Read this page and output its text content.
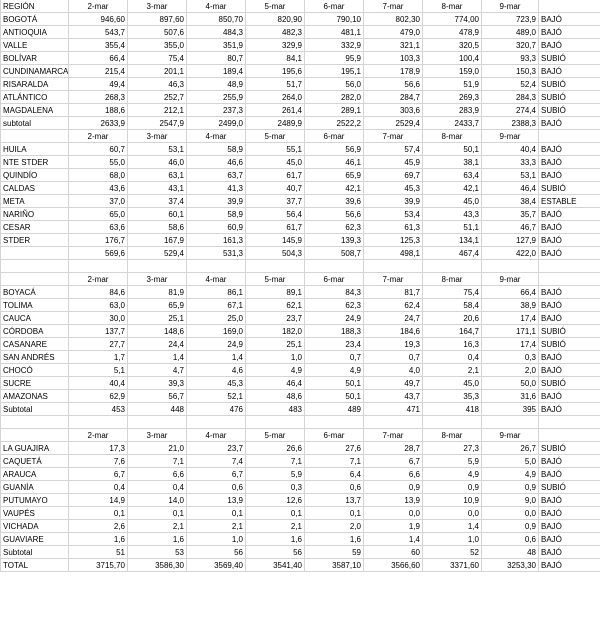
REGIÓN	2-mar	3-mar	4-mar	5-mar	6-mar	7-mar	8-mar	9-mar
BOGOTÁ	946,60	897,60	850,70	820,90	790,10	802,30	774,00	723,9 BAJÓ
ANTIOQUIA	543,7	507,6	484,3	482,3	481,1	479,0	478,9	489,0 BAJÓ
VALLE	355,4	355,0	351,9	329,9	332,9	321,1	320,5	320,7 BAJÓ
BOLÍVAR	66,4	75,4	80,7	84,1	95,9	103,3	100,4	93,3 SUBIÓ
CUNDINAMARCA	215,4	201,1	189,4	195,6	195,1	178,9	159,0	150,3 BAJÓ
RISARALDA	49,4	46,3	48,9	51,7	56,0	56,6	51,9	52,4 SUBIÓ
ATLÁNTICO	268,3	252,7	255,9	264,0	282,0	284,7	269,3	284,3 SUBIÓ
MAGDALENA	188,6	212,1	237,3	261,4	289,1	303,6	283,9	274,4 SUBIÓ
subtotal	2633,9	2547,9	2499,0	2489,9	2522,2	2529,4	2433,7	2388,3 BAJÓ
2-mar	3-mar	4-mar	5-mar	6-mar	7-mar	8-mar	9-mar
HUILA	60,7	53,1	58,9	55,1	56,9	57,4	50,1	40,4 BAJÓ
NTE STDER	55,0	46,0	46,6	45,0	46,1	45,9	38,1	33,3 BAJÓ
QUINDÍO	68,0	63,1	63,7	61,7	65,9	69,7	63,4	53,1 BAJÓ
CALDAS	43,6	43,1	41,3	40,7	42,1	45,3	42,1	46,4 SUBIÓ
META	37,0	37,4	39,9	37,7	39,6	39,9	45,0	38,4 ESTABLE
NARIÑO	65,0	60,1	58,9	56,4	56,6	53,4	43,3	35,7 BAJÓ
CESAR	63,6	58,6	60,9	61,7	62,3	61,3	51,1	46,7 BAJÓ
STDER	176,7	167,9	161,3	145,9	139,3	125,3	134,1	127,9 BAJÓ
569,6	529,4	531,3	504,3	508,7	498,1	467,4	422,0 BAJÓ
2-mar	3-mar	4-mar	5-mar	6-mar	7-mar	8-mar	9-mar
BOYACÁ	84,6	81,9	86,1	89,1	84,3	81,7	75,4	66,4 BAJÓ
TOLIMA	63,0	65,9	67,1	62,1	62,3	62,4	58,4	38,9 BAJÓ
CAUCA	30,0	25,1	25,0	23,7	24,9	24,7	20,6	17,4 BAJÓ
CÓRDOBA	137,7	148,6	169,0	182,0	188,3	184,6	164,7	171,1 SUBIÓ
CASANARE	27,7	24,4	24,9	25,1	23,4	19,3	16,3	17,4 SUBIÓ
SAN ANDRÉS	1,7	1,4	1,4	1,0	0,7	0,7	0,4	0,3 BAJÓ
CHOCÓ	5,1	4,7	4,6	4,9	4,9	4,0	2,1	2,0 BAJÓ
SUCRE	40,4	39,3	45,3	46,4	50,1	49,7	45,0	50,0 SUBIÓ
AMAZONAS	62,9	56,7	52,1	48,6	50,1	43,7	35,3	31,6 BAJÓ
Subtotal	453	448	476	483	489	471	418	395 BAJÓ
2-mar	3-mar	4-mar	5-mar	6-mar	7-mar	8-mar	9-mar
LA GUAJIRA	17,3	21,0	23,7	26,6	27,6	28,7	27,3	26,7 SUBIÓ
CAQUETÁ	7,6	7,1	7,4	7,1	7,1	6,7	5,9	5,0 BAJÓ
ARAUCA	6,7	6,6	6,7	5,9	6,4	6,6	4,9	4,9 BAJÓ
GUANÍA	0,4	0,4	0,6	0,3	0,6	0,9	0,9	0,9 SUBIÓ
PUTUMAYO	14,9	14,0	13,9	12,6	13,7	13,9	10,9	9,0 BAJÓ
VAUPÉS	0,1	0,1	0,1	0,1	0,1	0,0	0,0	0,0 BAJÓ
VICHADA	2,6	2,1	2,1	2,1	2,0	1,9	1,4	0,9 BAJÓ
GUAVIARE	1,6	1,6	1,0	1,6	1,6	1,4	1,0	0,6 BAJÓ
Subtotal	51	53	56	56	59	60	52	48 BAJÓ
TOTAL	3715,70	3586,30	3569,40	3541,40	3587,10	3566,60	3371,60	3253,30 BAJÓ
